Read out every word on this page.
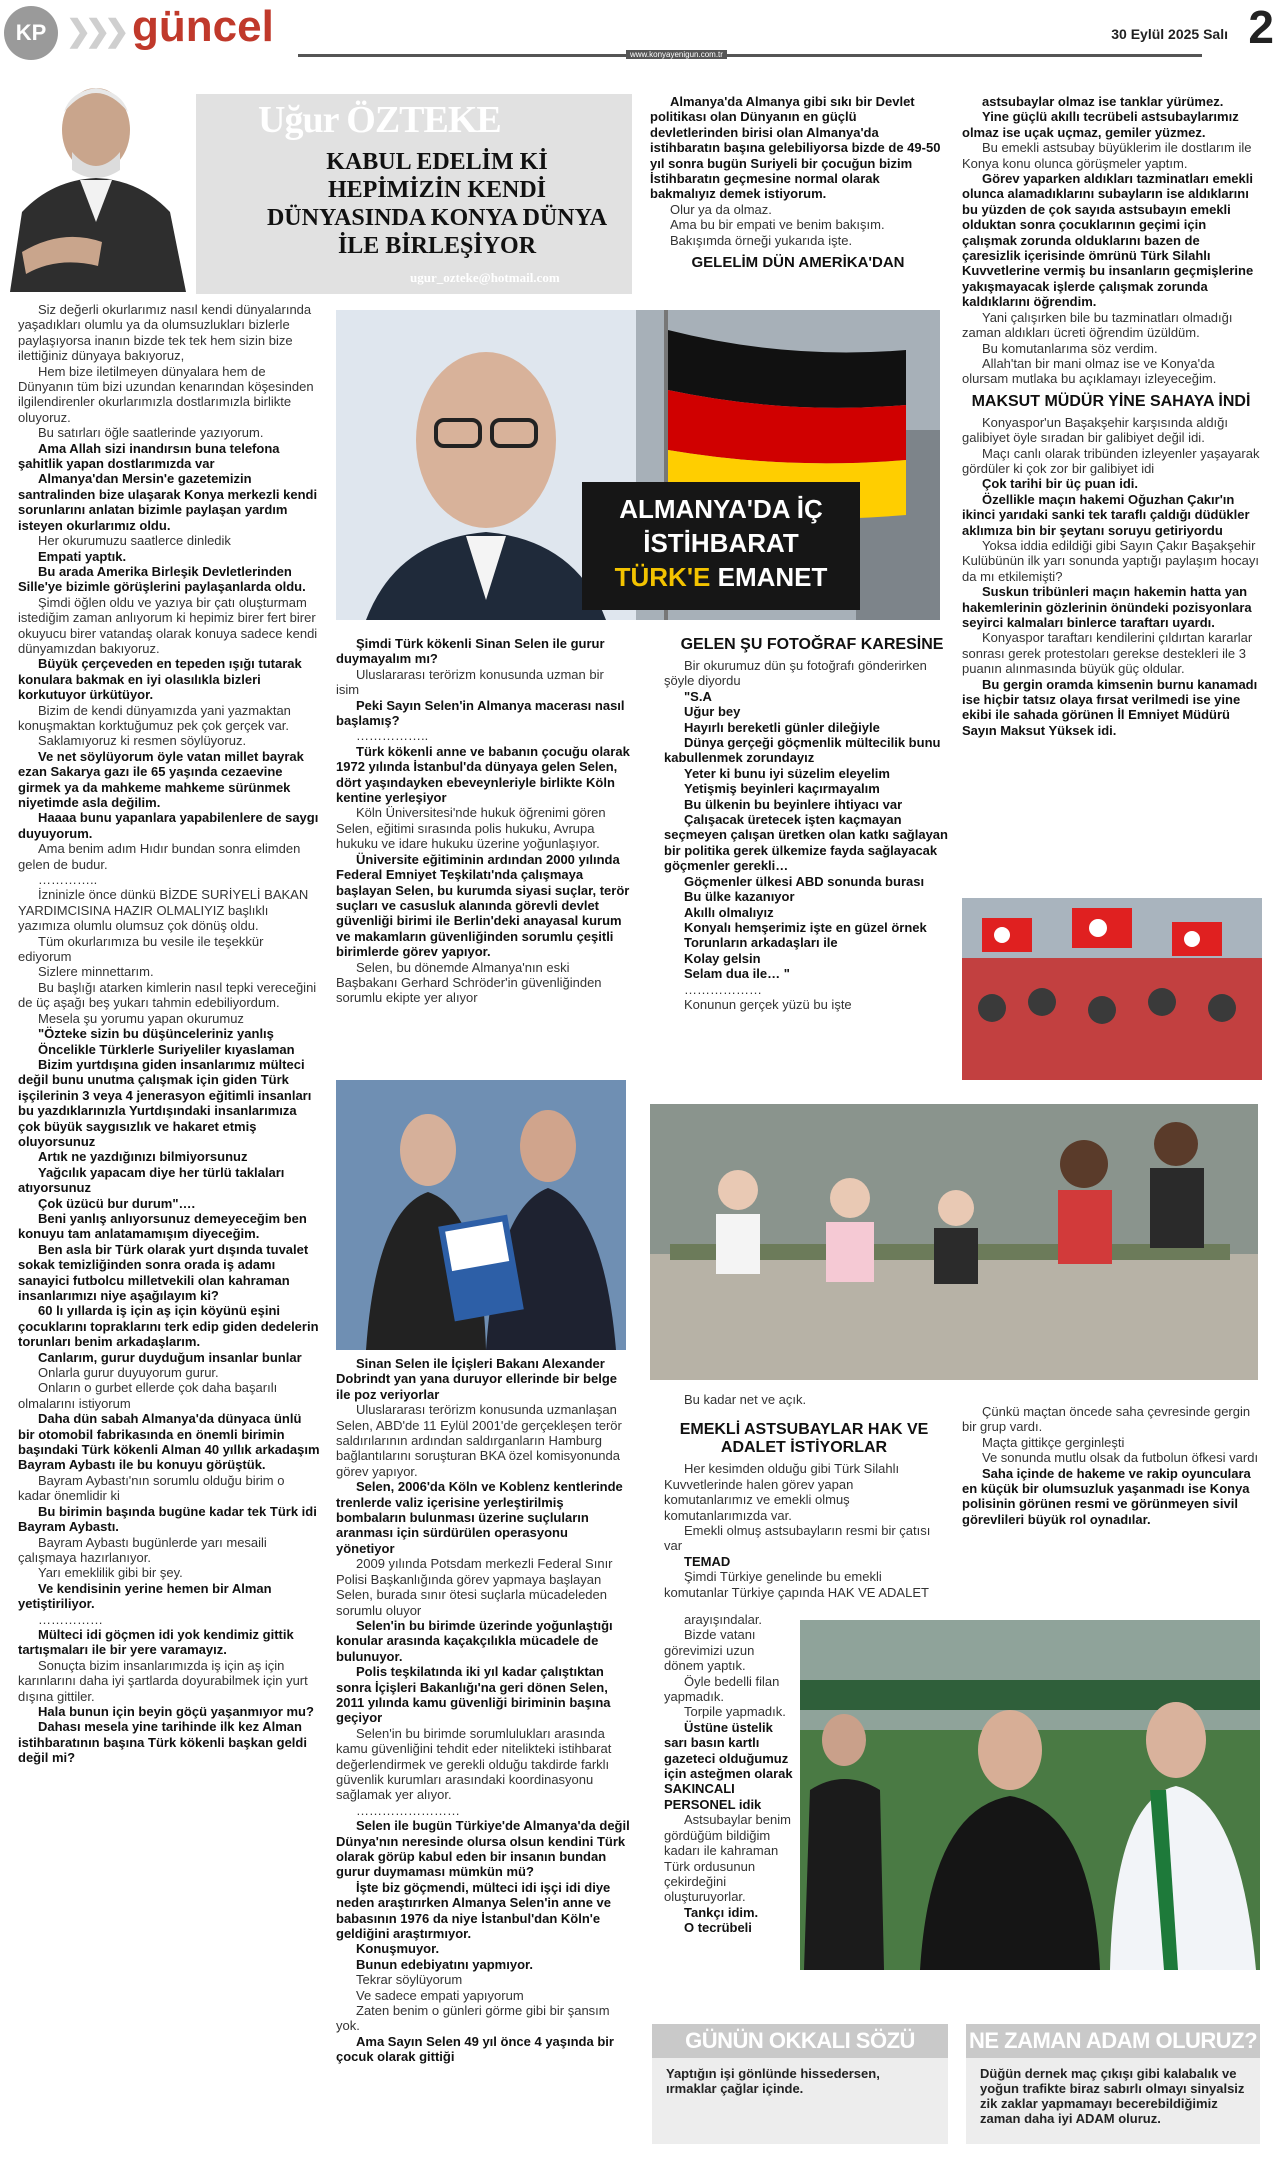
KP ❯❯❯ güncel	30 Eylül 2025 Salı 2
www.konyayenigun.com.tr
Uğur ÖZTEKE
KABUL EDELİM Kİ HEPİMİZİN KENDİ DÜNYASINDA KONYA DÜNYA İLE BİRLEŞİYOR
ugur_ozteke@hotmail.com

Siz değerli okurlarımız nasıl kendi dünyalarında yaşadıkları olumlu ya da olumsuzlukları bizlerle paylaşıyorsa inanın bizde tek tek hem sizin bize ilettiğiniz dünyaya bakıyoruz,

Hem bize iletilmeyen dünyalara hem de Dünyanın tüm bizi uzundan kenarından köşesinden ilgilendirenler okurlarımızla dostlarımızla birlikte oluyoruz.

Bu satırları öğle saatlerinde yazıyorum.

Ama Allah sizi inandırsın buna telefona şahitlik yapan dostlarımızda var

Almanya'dan Mersin'e gazetemizin santralinden bize ulaşarak Konya merkezli kendi sorunlarını anlatan bizimle paylaşan yardım isteyen okurlarımız oldu.

Her okurumuzu saatlerce dinledik

Empati yaptık.

Bu arada Amerika Birleşik Devletlerinden Sille'ye bizimle görüşlerini paylaşanlarda oldu.

Şimdi öğlen oldu ve yazıya bir çatı oluşturmam istediğim zaman anlıyorum ki hepimiz birer fert birer okuyucu birer vatandaş olarak konuya sadece kendi dünyamızdan bakıyoruz.

Büyük çerçeveden en tepeden ışığı tutarak konulara bakmak en iyi olasılıkla bizleri korkutuyor ürkütüyor.

Bizim de kendi dünyamızda yani yazmaktan konuşmaktan korktuğumuz pek çok gerçek var.

Saklamıyoruz ki resmen söylüyoruz.

Ve net söylüyorum öyle vatan millet bayrak ezan Sakarya gazı ile 65 yaşında cezaevine girmek ya da mahkeme mahkeme sürünmek niyetimde asla değilim.

Haaaa bunu yapanlara yapabilenlere de saygı duyuyorum.

Ama benim adım Hıdır bundan sonra elimden gelen de budur.

…………..

İzninizle önce dünkü BİZDE SURİYELİ BAKAN YARDIMCISINA HAZIR OLMALIYIZ başlıklı yazımıza olumlu olumsuz çok dönüş oldu.

Tüm okurlarımıza bu vesile ile teşekkür ediyorum

Sizlere minnettarım.

Bu başlığı atarken kimlerin nasıl tepki vereceğini de üç aşağı beş yukarı tahmin edebiliyordum.

Mesela şu yorumu yapan okurumuz

"Özteke sizin bu düşünceleriniz yanlış

Öncelikle Türklerle Suriyeliler kıyaslaman

Bizim yurtdışına giden insanlarımız mülteci değil bunu unutma çalışmak için giden Türk işçilerinin 3 veya 4 jenerasyon eğitimli insanları bu yazdıklarınızla Yurtdışındaki insanlarımıza çok büyük saygısızlık ve hakaret etmiş oluyorsunuz

Artık ne yazdığınızı bilmiyorsunuz

Yağcılık yapacam diye her türlü taklaları atıyorsunuz

Çok üzücü bur durum"….

Beni yanlış anlıyorsunuz demeyeceğim ben konuyu tam anlatamamışım diyeceğim.

Ben asla bir Türk olarak yurt dışında tuvalet sokak temizliğinden sonra orada iş adamı sanayici futbolcu milletvekili olan kahraman insanlarımızı niye aşağılayım ki?

60 lı yıllarda iş için aş için köyünü eşini çocuklarını topraklarını terk edip giden dedelerin torunları benim arkadaşlarım.

Canlarım, gurur duyduğum insanlar bunlar

Onlarla gurur duyuyorum gurur.

Onların o gurbet ellerde çok daha başarılı olmalarını istiyorum

Daha dün sabah Almanya'da dünyaca ünlü bir otomobil fabrikasında en önemli birimin başındaki Türk kökenli Alman 40 yıllık arkadaşım Bayram Aybastı ile bu konuyu görüştük.

Bayram Aybastı'nın sorumlu olduğu birim o kadar önemlidir ki

Bu birimin başında bugüne kadar tek Türk idi Bayram Aybastı.

Bayram Aybastı bugünlerde yarı mesaili çalışmaya hazırlanıyor.

Yarı emeklilik gibi bir şey.

Ve kendisinin yerine hemen bir Alman yetiştiriliyor.

……………

Mülteci idi göçmen idi yok kendimiz gittik tartışmaları ile bir yere varamayız.

Sonuçta bizim insanlarımızda iş için aş için karınlarını daha iyi şartlarda doyurabilmek için yurt dışına gittiler.

Hala bunun için beyin göçü yaşanmıyor mu?

Dahası mesela yine tarihinde ilk kez Alman istihbaratının başına Türk kökenli başkan geldi değil mi?

ALMANYA'DA İÇ
İSTİHBARAT
TÜRK'E EMANET

Şimdi Türk kökenli Sinan Selen ile gurur duymayalım mı?

Uluslararası terörizm konusunda uzman bir isim

Peki Sayın Selen'in Almanya macerası nasıl başlamış?

……………..

Türk kökenli anne ve babanın çocuğu olarak 1972 yılında İstanbul'da dünyaya gelen Selen, dört yaşındayken ebeveynleriyle birlikte Köln kentine yerleşiyor

Köln Üniversitesi'nde hukuk öğrenimi gören Selen, eğitimi sırasında polis hukuku, Avrupa hukuku ve idare hukuku üzerine yoğunlaşıyor.

Üniversite eğitiminin ardından 2000 yılında Federal Emniyet Teşkilatı'nda çalışmaya başlayan Selen, bu kurumda siyasi suçlar, terör suçları ve casusluk alanında görevli devlet güvenliği birimi ile Berlin'deki anayasal kurum ve makamların güvenliğinden sorumlu çeşitli birimlerde görev yapıyor.

Selen, bu dönemde Almanya'nın eski Başbakanı Gerhard Schröder'in güvenliğinden sorumlu ekipte yer alıyor

Sinan Selen ile İçişleri Bakanı Alexander Dobrindt yan yana duruyor ellerinde bir belge ile poz veriyorlar

Uluslararası terörizm konusunda uzmanlaşan Selen, ABD'de 11 Eylül 2001'de gerçekleşen terör saldırılarının ardından saldırganların Hamburg bağlantılarını soruşturan BKA özel komisyonunda görev yapıyor.

Selen, 2006'da Köln ve Koblenz kentlerinde trenlerde valiz içerisine yerleştirilmiş bombaların bulunması üzerine suçluların aranması için sürdürülen operasyonu yönetiyor

2009 yılında Potsdam merkezli Federal Sınır Polisi Başkanlığında görev yapmaya başlayan Selen, burada sınır ötesi suçlarla mücadeleden sorumlu oluyor

Selen'in bu birimde üzerinde yoğunlaştığı konular arasında kaçakçılıkla mücadele de bulunuyor.

Polis teşkilatında iki yıl kadar çalıştıktan sonra İçişleri Bakanlığı'na geri dönen Selen, 2011 yılında kamu güvenliği biriminin başına geçiyor

Selen'in bu birimde sorumlulukları arasında kamu güvenliğini tehdit eder nitelikteki istihbarat değerlendirmek ve gerekli olduğu takdirde farklı güvenlik kurumları arasındaki koordinasyonu sağlamak yer alıyor.

……………………

Selen ile bugün Türkiye'de Almanya'da değil Dünya'nın neresinde olursa olsun kendini Türk olarak görüp kabul eden bir insanın bundan gurur duymaması mümkün mü?

İşte biz göçmendi, mülteci idi işçi idi diye neden araştırırken Almanya Selen'in anne ve babasının 1976 da niye İstanbul'dan Köln'e geldiğini araştırmıyor.

Konuşmuyor.

Bunun edebiyatını yapmıyor.

Tekrar söylüyorum

Ve sadece empati yapıyorum

Zaten benim o günleri görme gibi bir şansım yok.

Ama Sayın Selen 49 yıl önce 4 yaşında bir çocuk olarak gittiği

Almanya'da Almanya gibi sıkı bir Devlet politikası olan Dünyanın en güçlü devletlerinden birisi olan Almanya'da istihbaratın başına gelebiliyorsa bizde de 49-50 yıl sonra bugün Suriyeli bir çocuğun bizim İstihbaratın geçmesine normal olarak bakmalıyız demek istiyorum.

Olur ya da olmaz.

Ama bu bir empati ve benim bakışım.

Bakışımda örneği yukarıda işte.

GELELİM DÜN AMERİKA'DAN

GELEN ŞU FOTOĞRAF KARESİNE

Bir okurumuz dün şu fotoğrafı gönderirken şöyle diyordu

"S.A

Uğur bey

Hayırlı bereketli günler dileğiyle

Dünya gerçeği göçmenlik mültecilik bunu kabullenmek zorundayız

Yeter ki bunu iyi süzelim eleyelim

Yetişmiş beyinleri kaçırmayalım

Bu ülkenin bu beyinlere ihtiyacı var

Çalışacak üretecek işten kaçmayan seçmeyen çalışan üretken olan katkı sağlayan bir politika gerek ülkemize fayda sağlayacak göçmenler gerekli…

Göçmenler ülkesi ABD sonunda burası

Bu ülke kazanıyor

Akıllı olmalıyız

Konyalı hemşerimiz işte en güzel örnek

Torunların arkadaşları ile

Kolay gelsin

Selam dua ile… "

………………

Konunun gerçek yüzü bu işte

Bu kadar net ve açık.

EMEKLİ ASTSUBAYLAR HAK VE ADALET İSTİYORLAR

Her kesimden olduğu gibi Türk Silahlı Kuvvetlerinde halen görev yapan komutanlarımız ve emekli olmuş komutanlarımızda var.

Emekli olmuş astsubayların resmi bir çatısı var

TEMAD

Şimdi Türkiye genelinde bu emekli komutanlar Türkiye çapında HAK VE ADALET

arayışındalar.

Bizde vatanı görevimizi uzun dönem yaptık.

Öyle bedelli filan yapmadık.

Torpile yapmadık.

Üstüne üstelik sarı basın kartlı gazeteci olduğumuz için asteğmen olarak SAKINCALI PERSONEL idik

Astsubaylar benim gördüğüm bildiğim kadarı ile kahraman Türk ordusunun çekirdeğini oluşturuyorlar.

Tankçı idim.

O tecrübeli

astsubaylar olmaz ise tanklar yürümez.

Yine güçlü akıllı tecrübeli astsubaylarımız olmaz ise uçak uçmaz, gemiler yüzmez.

Bu emekli astsubay büyüklerim ile dostlarım ile Konya konu olunca görüşmeler yaptım.

Görev yaparken aldıkları tazminatları emekli olunca alamadıklarını subayların ise aldıklarını bu yüzden de çok sayıda astsubayın emekli olduktan sonra çocuklarının geçimi için çalışmak zorunda olduklarını bazen de çaresizlik içerisinde ömrünü Türk Silahlı Kuvvetlerine vermiş bu insanların geçmişlerine yakışmayacak işlerde çalışmak zorunda kaldıklarını öğrendim.

Yani çalışırken bile bu tazminatları olmadığı zaman aldıkları ücreti öğrendim üzüldüm.

Bu komutanlarıma söz verdim.

Allah'tan bir mani olmaz ise ve Konya'da olursam mutlaka bu açıklamayı izleyeceğim.

MAKSUT MÜDÜR YİNE SAHAYA İNDİ

Konyaspor'un Başakşehir karşısında aldığı galibiyet öyle sıradan bir galibiyet değil idi.

Maçı canlı olarak tribünden izleyenler yaşayarak gördüler ki çok zor bir galibiyet idi

Çok tarihi bir üç puan idi.

Özellikle maçın hakemi Oğuzhan Çakır'ın ikinci yarıdaki sanki tek taraflı çaldığı düdükler aklımıza bin bir şeytanı soruyu getiriyordu

Yoksa iddia edildiği gibi Sayın Çakır Başakşehir Kulübünün ilk yarı sonunda yaptığı paylaşım hocayı da mı etkilemişti?

Suskun tribünleri maçın hakemin hatta yan hakemlerinin gözlerinin önündeki pozisyonlara seyirci kalmaları binlerce taraftarı uyardı.

Konyaspor taraftarı kendilerini çıldırtan kararlar sonrası gerek protestoları gerekse destekleri ile 3 puanın alınmasında büyük güç oldular.

Bu gergin oramda kimsenin burnu kanamadı ise hiçbir tatsız olaya fırsat verilmedi ise yine ekibi ile sahada görünen İl Emniyet Müdürü Sayın Maksut Yüksek idi.

Çünkü maçtan öncede saha çevresinde gergin bir grup vardı.

Maçta gittikçe gerginleşti

Ve sonunda mutlu olsak da futbolun öfkesi vardı

Saha içinde de hakeme ve rakip oyunculara en küçük bir olumsuzluk yaşanmadı ise Konya polisinin görünen resmi ve görünmeyen sivil görevlileri büyük rol oynadılar.

GÜNÜN OKKALI SÖZÜ
Yaptığın işi gönlünde hissedersen, ırmaklar çağlar içinde.
NE ZAMAN ADAM OLURUZ?
Düğün dernek maç çıkışı gibi kalabalık ve yoğun trafikte biraz sabırlı olmayı sinyalsiz zik zaklar yapmamayı becerebildiğimiz zaman daha iyi ADAM oluruz.
